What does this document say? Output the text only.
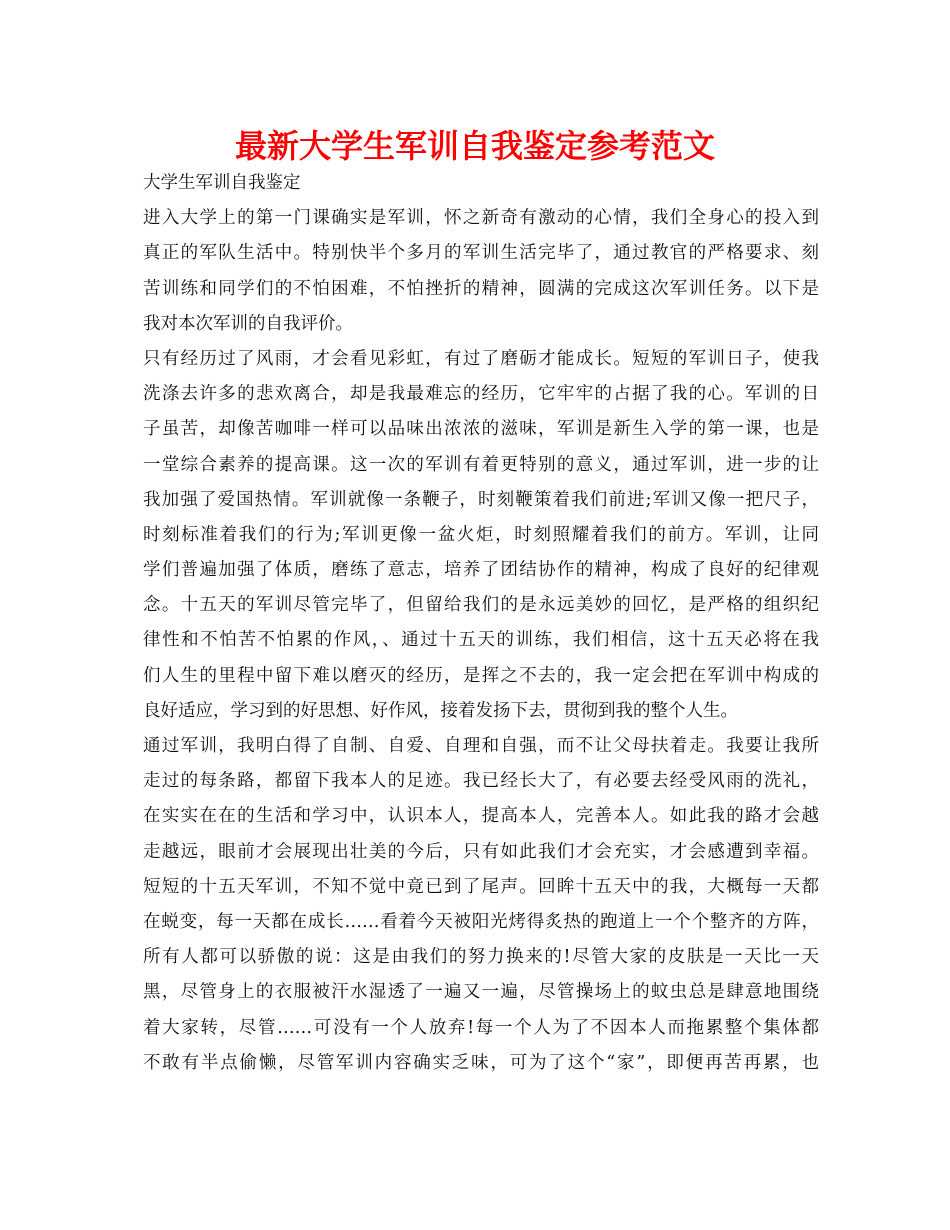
最新大学生军训自我鉴定参考范文
大学生军训自我鉴定
进入大学上的第一门课确实是军训，怀之新奇有激动的心情，我们全身心的投入到
真正的军队生活中。特别快半个多月的军训生活完毕了，通过教官的严格要求、刻
苦训练和同学们的不怕困难，不怕挫折的精神，圆满的完成这次军训任务。以下是
我对本次军训的自我评价。
只有经历过了风雨，才会看见彩虹，有过了磨砺才能成长。短短的军训日子，使我
洗涤去许多的悲欢离合，却是我最难忘的经历，它牢牢的占据了我的心。军训的日
子虽苦，却像苦咖啡一样可以品味出浓浓的滋味，军训是新生入学的第一课，也是
一堂综合素养的提高课。这一次的军训有着更特别的意义，通过军训，进一步的让
我加强了爱国热情。军训就像一条鞭子，时刻鞭策着我们前进;军训又像一把尺子，
时刻标准着我们的行为;军训更像一盆火炬，时刻照耀着我们的前方。军训，让同
学们普遍加强了体质，磨练了意志，培养了团结协作的精神，构成了良好的纪律观
念。十五天的军训尽管完毕了，但留给我们的是永远美妙的回忆，是严格的组织纪
律性和不怕苦不怕累的作风，、通过十五天的训练，我们相信，这十五天必将在我
们人生的里程中留下难以磨灭的经历，是挥之不去的，我一定会把在军训中构成的
良好适应，学习到的好思想、好作风，接着发扬下去，贯彻到我的整个人生。
通过军训，我明白得了自制、自爱、自理和自强，而不让父母扶着走。我要让我所
走过的每条路，都留下我本人的足迹。我已经长大了，有必要去经受风雨的洗礼，
在实实在在的生活和学习中，认识本人，提高本人，完善本人。如此我的路才会越
走越远，眼前才会展现出壮美的今后，只有如此我们才会充实，才会感遭到幸福。
短短的十五天军训，不知不觉中竟已到了尾声。回眸十五天中的我，大概每一天都
在蜕变，每一天都在成长……看着今天被阳光烤得炙热的跑道上一个个整齐的方阵，
所有人都可以骄傲的说：这是由我们的努力换来的!尽管大家的皮肤是一天比一天
黑，尽管身上的衣服被汗水湿透了一遍又一遍，尽管操场上的蚊虫总是肆意地围绕
着大家转，尽管……可没有一个人放弃!每一个人为了不因本人而拖累整个集体都
不敢有半点偷懒，尽管军训内容确实乏味，可为了这个“家”，即便再苦再累，也
